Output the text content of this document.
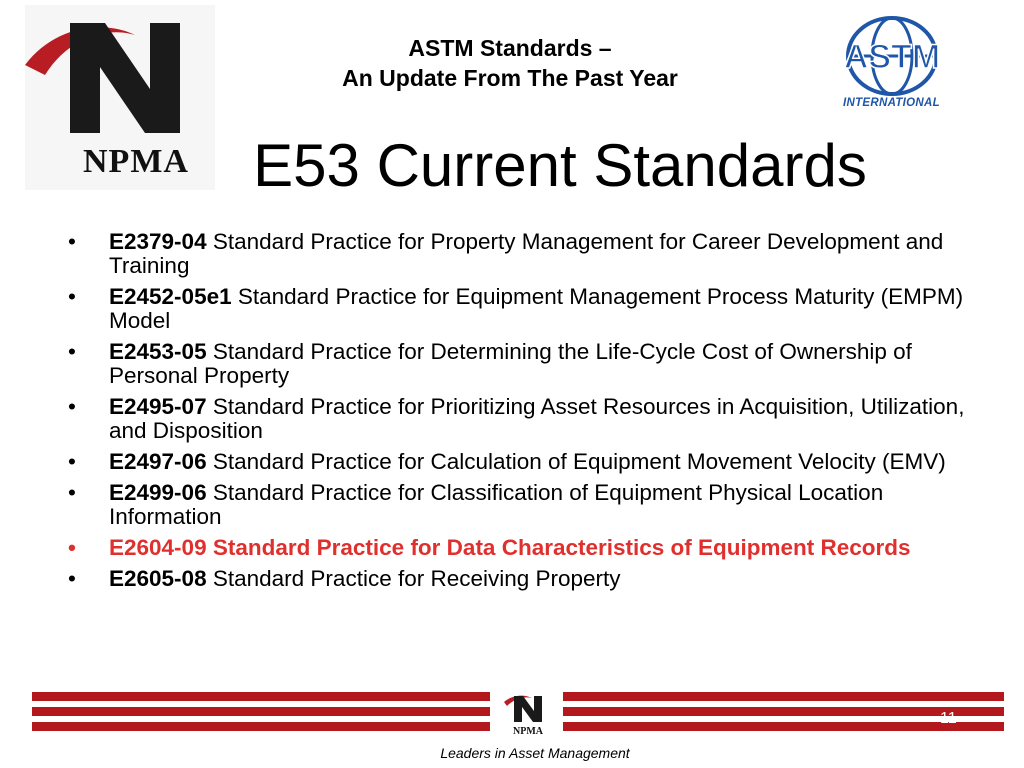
NPMA
ASTM
INTERNATIONAL
ASTM Standards –
An Update From The Past Year
E53 Current Standards
• E2379-04 Standard Practice for Property Management for Career Development and Training
• E2452-05e1 Standard Practice for Equipment Management Process Maturity (EMPM) Model
• E2453-05 Standard Practice for Determining the Life-Cycle Cost of Ownership of Personal Property
• E2495-07 Standard Practice for Prioritizing Asset Resources in Acquisition, Utilization, and Disposition
• E2497-06 Standard Practice for Calculation of Equipment Movement Velocity (EMV)
• E2499-06 Standard Practice for Classification of Equipment Physical Location Information
• E2604-09 Standard Practice for Data Characteristics of Equipment Records
• E2605-08 Standard Practice for Receiving Property
NPMA
11
Leaders in Asset Management
